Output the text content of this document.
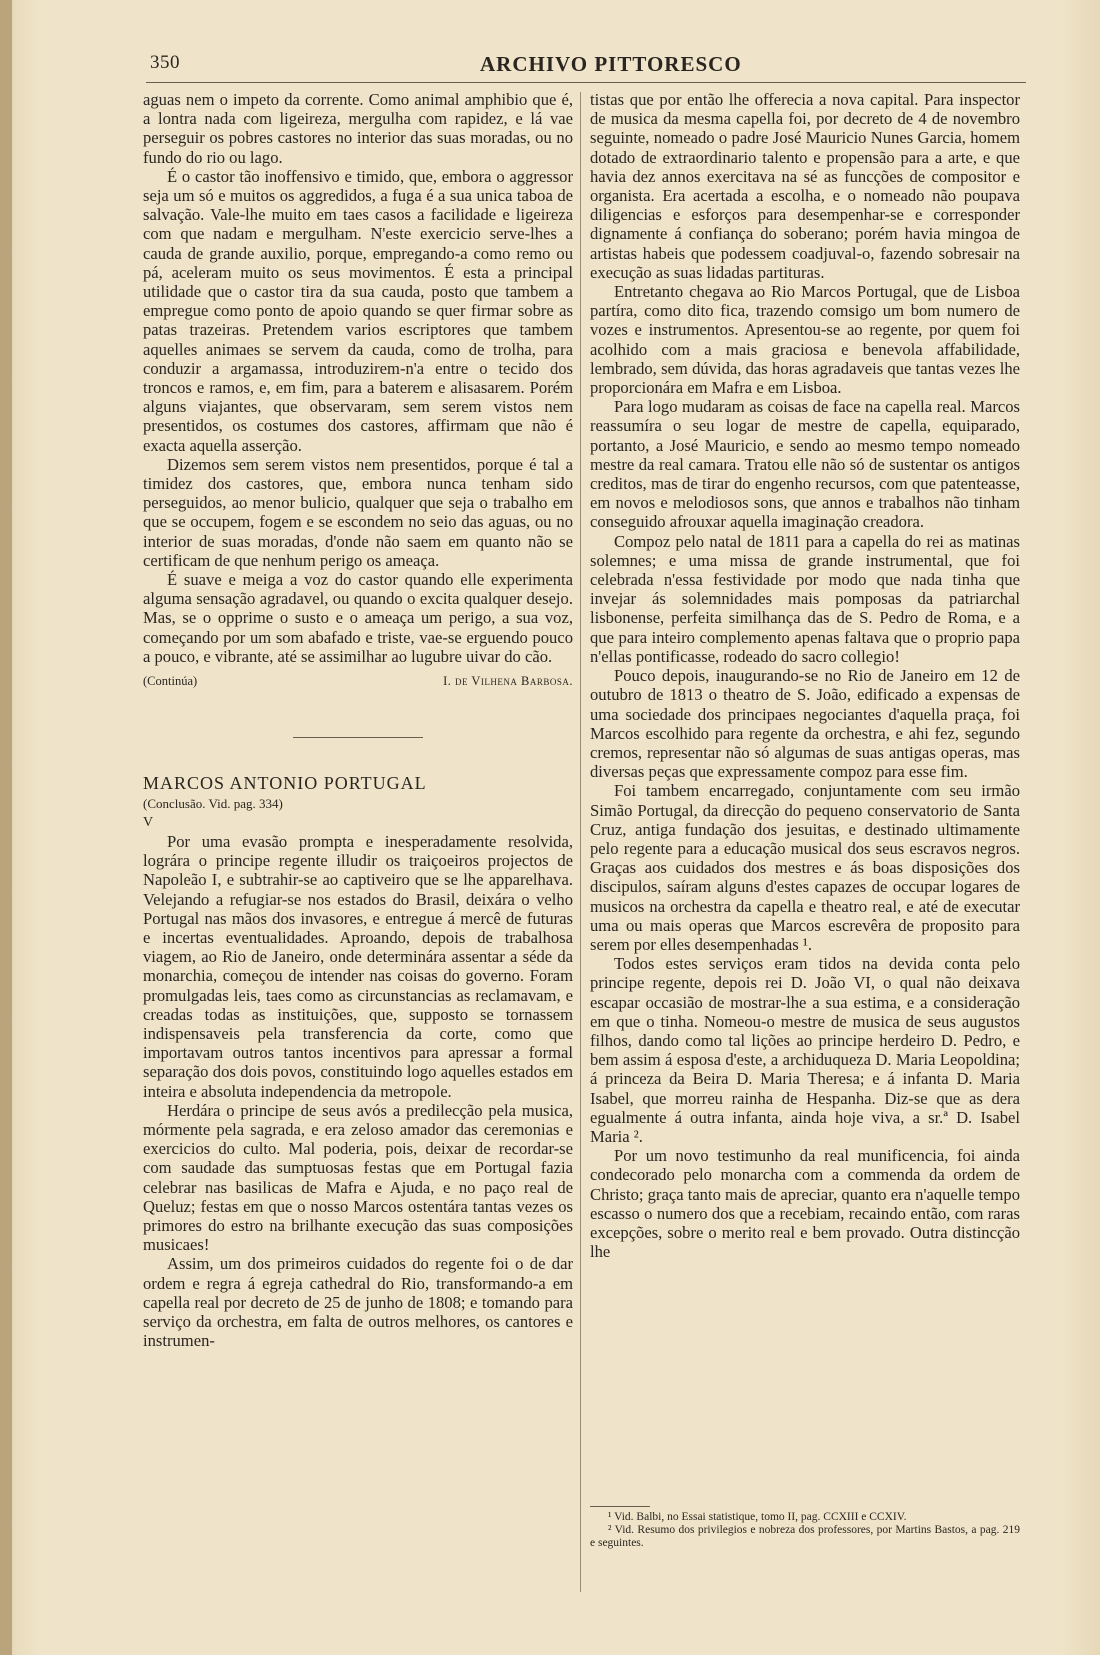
350	ARCHIVO PITTORESCO

aguas nem o impeto da corrente. Como animal amphibio que é, a lontra nada com ligeireza, mergulha com rapidez, e lá vae perseguir os pobres castores no interior das suas moradas, ou no fundo do rio ou lago.

É o castor tão inoffensivo e timido, que, embora o aggressor seja um só e muitos os aggredidos, a fuga é a sua unica taboa de salvação. Vale-lhe muito em taes casos a facilidade e ligeireza com que nadam e mergulham. N'este exercicio serve-lhes a cauda de grande auxilio, porque, empregando-a como remo ou pá, aceleram muito os seus movimentos. É esta a principal utilidade que o castor tira da sua cauda, posto que tambem a empregue como ponto de apoio quando se quer firmar sobre as patas trazeiras. Pretendem varios escriptores que tambem aquelles animaes se servem da cauda, como de trolha, para conduzir a argamassa, introduzirem-n'a entre o tecido dos troncos e ramos, e, em fim, para a baterem e alisasarem. Porém alguns viajantes, que observaram, sem serem vistos nem presentidos, os costumes dos castores, affirmam que não é exacta aquella asserção.

Dizemos sem serem vistos nem presentidos, porque é tal a timidez dos castores, que, embora nunca tenham sido perseguidos, ao menor bulicio, qualquer que seja o trabalho em que se occupem, fogem e se escondem no seio das aguas, ou no interior de suas moradas, d'onde não saem em quanto não se certificam de que nenhum perigo os ameaça.

É suave e meiga a voz do castor quando elle experimenta alguma sensação agradavel, ou quando o excita qualquer desejo. Mas, se o opprime o susto e o ameaça um perigo, a sua voz, começando por um som abafado e triste, vae-se erguendo pouco a pouco, e vibrante, até se assimilhar ao lugubre uivar do cão.

(Continúa)	I. de Vilhena Barbosa.

MARCOS ANTONIO PORTUGAL

(Conclusão. Vid. pag. 334)

V

Por uma evasão prompta e inesperadamente resolvida, lográra o principe regente illudir os traiçoeiros projectos de Napoleão I, e subtrahir-se ao captiveiro que se lhe apparelhava. Velejando a refugiar-se nos estados do Brasil, deixára o velho Portugal nas mãos dos invasores, e entregue á mercê de futuras e incertas eventualidades. Aproando, depois de trabalhosa viagem, ao Rio de Janeiro, onde determinára assentar a séde da monarchia, começou de intender nas coisas do governo. Foram promulgadas leis, taes como as circunstancias as reclamavam, e creadas todas as instituições, que, supposto se tornassem indispensaveis pela transferencia da corte, como que importavam outros tantos incentivos para apressar a formal separação dos dois povos, constituindo logo aquelles estados em inteira e absoluta independencia da metropole.

Herdára o principe de seus avós a predilecção pela musica, mórmente pela sagrada, e era zeloso amador das ceremonias e exercicios do culto. Mal poderia, pois, deixar de recordar-se com saudade das sumptuosas festas que em Portugal fazia celebrar nas basilicas de Mafra e Ajuda, e no paço real de Queluz; festas em que o nosso Marcos ostentára tantas vezes os primores do estro na brilhante execução das suas composições musicaes!

Assim, um dos primeiros cuidados do regente foi o de dar ordem e regra á egreja cathedral do Rio, transformando-a em capella real por decreto de 25 de junho de 1808; e tomando para serviço da orchestra, em falta de outros melhores, os cantores e instrumen-

tistas que por então lhe offerecia a nova capital. Para inspector de musica da mesma capella foi, por decreto de 4 de novembro seguinte, nomeado o padre José Mauricio Nunes Garcia, homem dotado de extraordinario talento e propensão para a arte, e que havia dez annos exercitava na sé as funcções de compositor e organista. Era acertada a escolha, e o nomeado não poupava diligencias e esforços para desempenhar-se e corresponder dignamente á confiança do soberano; porém havia mingoa de artistas habeis que podessem coadjuval-o, fazendo sobresair na execução as suas lidadas partituras.

Entretanto chegava ao Rio Marcos Portugal, que de Lisboa partíra, como dito fica, trazendo comsigo um bom numero de vozes e instrumentos. Apresentou-se ao regente, por quem foi acolhido com a mais graciosa e benevola affabilidade, lembrado, sem dúvida, das horas agradaveis que tantas vezes lhe proporcionára em Mafra e em Lisboa.

Para logo mudaram as coisas de face na capella real. Marcos reassumíra o seu logar de mestre de capella, equiparado, portanto, a José Mauricio, e sendo ao mesmo tempo nomeado mestre da real camara. Tratou elle não só de sustentar os antigos creditos, mas de tirar do engenho recursos, com que patenteasse, em novos e melodiosos sons, que annos e trabalhos não tinham conseguido afrouxar aquella imaginação creadora.

Compoz pelo natal de 1811 para a capella do rei as matinas solemnes; e uma missa de grande instrumental, que foi celebrada n'essa festividade por modo que nada tinha que invejar ás solemnidades mais pomposas da patriarchal lisbonense, perfeita similhança das de S. Pedro de Roma, e a que para inteiro complemento apenas faltava que o proprio papa n'ellas pontificasse, rodeado do sacro collegio!

Pouco depois, inaugurando-se no Rio de Janeiro em 12 de outubro de 1813 o theatro de S. João, edificado a expensas de uma sociedade dos principaes negociantes d'aquella praça, foi Marcos escolhido para regente da orchestra, e ahi fez, segundo cremos, representar não só algumas de suas antigas operas, mas diversas peças que expressamente compoz para esse fim.

Foi tambem encarregado, conjuntamente com seu irmão Simão Portugal, da direcção do pequeno conservatorio de Santa Cruz, antiga fundação dos jesuitas, e destinado ultimamente pelo regente para a educação musical dos seus escravos negros. Graças aos cuidados dos mestres e ás boas disposições dos discipulos, saíram alguns d'estes capazes de occupar logares de musicos na orchestra da capella e theatro real, e até de executar uma ou mais operas que Marcos escrevêra de proposito para serem por elles desempenhadas ¹.

Todos estes serviços eram tidos na devida conta pelo principe regente, depois rei D. João VI, o qual não deixava escapar occasião de mostrar-lhe a sua estima, e a consideração em que o tinha. Nomeou-o mestre de musica de seus augustos filhos, dando como tal lições ao principe herdeiro D. Pedro, e bem assim á esposa d'este, a archiduqueza D. Maria Leopoldina; á princeza da Beira D. Maria Theresa; e á infanta D. Maria Isabel, que morreu rainha de Hespanha. Diz-se que as dera egualmente á outra infanta, ainda hoje viva, a sr.ª D. Isabel Maria ².

Por um novo testimunho da real munificencia, foi ainda condecorado pelo monarcha com a commenda da ordem de Christo; graça tanto mais de apreciar, quanto era n'aquelle tempo escasso o numero dos que a recebiam, recaindo então, com raras excepções, sobre o merito real e bem provado. Outra distincção lhe

¹ Vid. Balbi, no Essai statistique, tomo II, pag. CCXIII e CCXIV.

² Vid. Resumo dos privilegios e nobreza dos professores, por Martins Bastos, a pag. 219 e seguintes.
